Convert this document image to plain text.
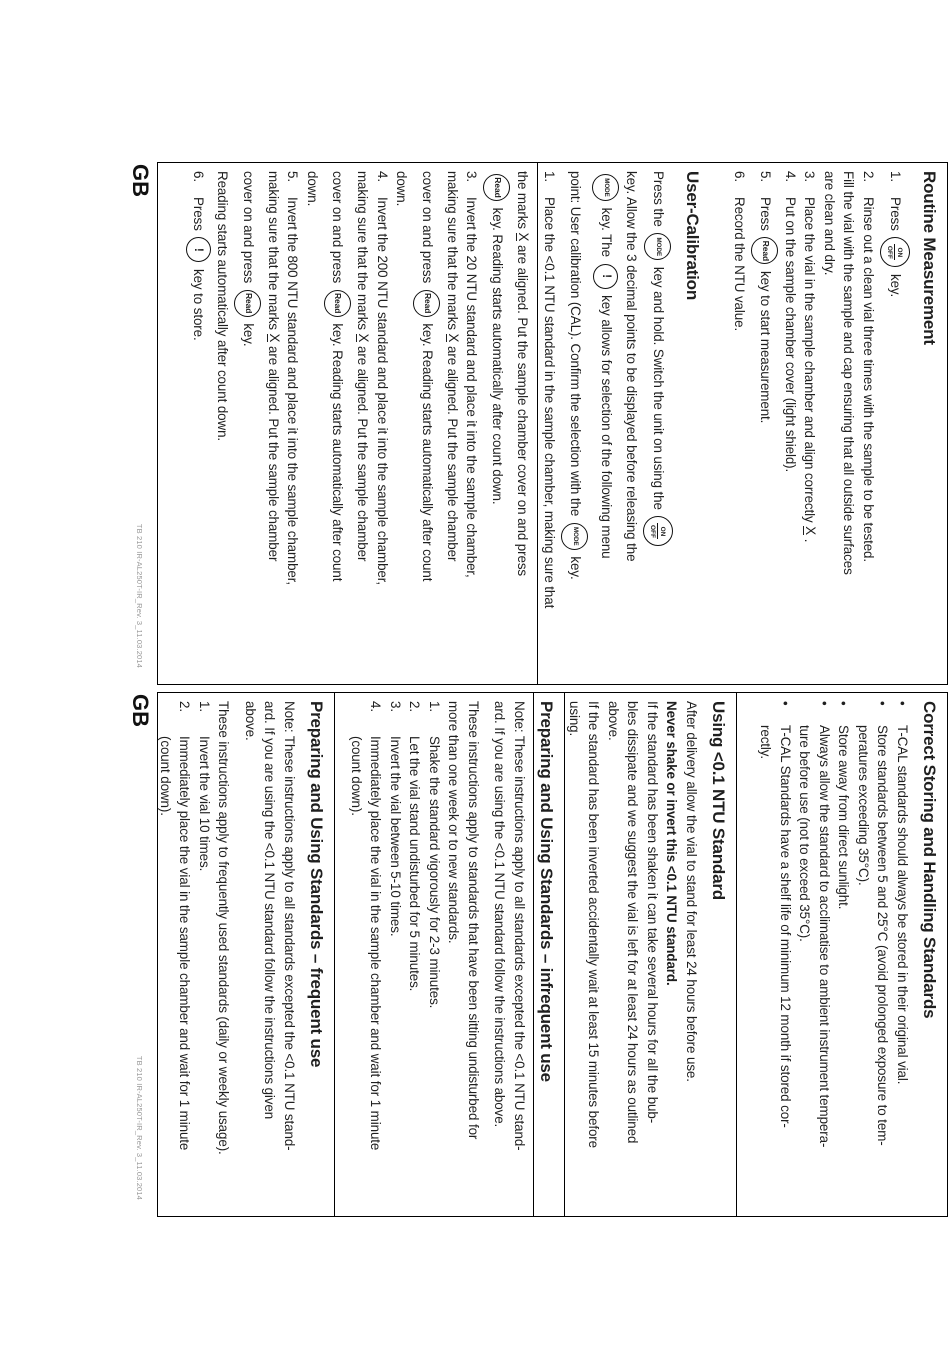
Routine Measurement
1.
Press
ON
OFF
key.
2.
Rinse out a clean vial three times with the sample to be tested.
Fill the vial with the sample and cap ensuring that all outside surfaces
are clean and dry.
3.
Place the vial in the sample chamber and align correctly
X
.
4.
Put on the sample chamber cover (light shield).
5.
Press
Read
key to start measurement.
6.
Record the NTU value.
User-Calibration
Press the
MODE
key and hold. Switch the unit on using the
ON
OFF
key. Allow the 3 decimal points to be displayed before releasing the
MODE
key. The
!
key allows for selection of the following menu
point: User calibration (CAL). Confirm the selection with the
MODE
key.
1.
Place the <0.1 NTU standard in the sample chamber, making sure that
the marks
X
are aligned. Put the sample chamber cover on and press
Read
key. Reading starts automatically after count down.
3.
Invert the 20 NTU standard and place it into the sample chamber,
making sure that the marks
X
are aligned. Put the sample chamber
cover on and press
Read
key. Reading starts automatically after count
down.
4.
Invert the 200 NTU standard and place it into the sample chamber,
making sure that the marks
X
are aligned. Put the sample chamber
cover on and press
Read
key. Reading starts automatically after count
down.
5.
Invert the 800 NTU standard and place it into the sample chamber,
making sure that the marks
X
are aligned. Put the sample chamber
cover on and press
Read
key.
Reading starts automatically after count down.
6.
Press
!
key to store.
GB
TB 210 IR-AL250T-IR_Rev. 3_11.03.2014
Correct Storing and Handling Standards
•
T-CAL standards should always be stored in their original vial.
•
Store standards between 5 and 25°C (avoid prolonged exposure to tem-
peratures exceeding 35°C).
•
Store away from direct sunlight.
•
Always allow the standard to acclimatise to ambient instrument tempera-
ture before use (not to exceed 35°C).
•
T-CAL Standards have a shelf life of minimum 12 month if stored cor-
rectly.
Using <0.1 NTU Standard
After delivery allow the vial to stand for least 24 hours before use.
Never shake or invert this <0.1 NTU standard.
If the standard has been shaken it can take several hours for all the bub-
bles dissipate and we suggest the vial is left for at least 24 hours as outlined
above.
If the standard has been inverted accidentally wait at least 15 minutes before
using.
Preparing and Using Standards – infrequent use
Note: These instructions apply to all standards excepted the <0.1 NTU stand-
ard. If you are using the <0.1 NTU standard follow the instructions above.
These instructions apply to standards that have been sitting undisturbed for
more than one week or to new standards.
1.
Shake the standard vigorously for 2-3 minutes.
2.
Let the vial stand undisturbed for 5 minutes.
3.
Invert the vial between 5-10 times.
4.
Immediately place the vial in the sample chamber and wait for 1 minute
(count down).
Preparing and Using Standards – frequent use
Note: These instructions apply to all standards excepted the <0.1 NTU stand-
ard. If you are using the <0.1 NTU standard follow the instructions given
above.
These instructions apply to frequently used standards (daily or weekly usage).
1.
Invert the vial 10 times.
2.
Immediately place the vial in the sample chamber and wait for 1 minute
(count down).
GB
TB 210 IR-AL250T-IR_Rev. 3_11.03.2014
